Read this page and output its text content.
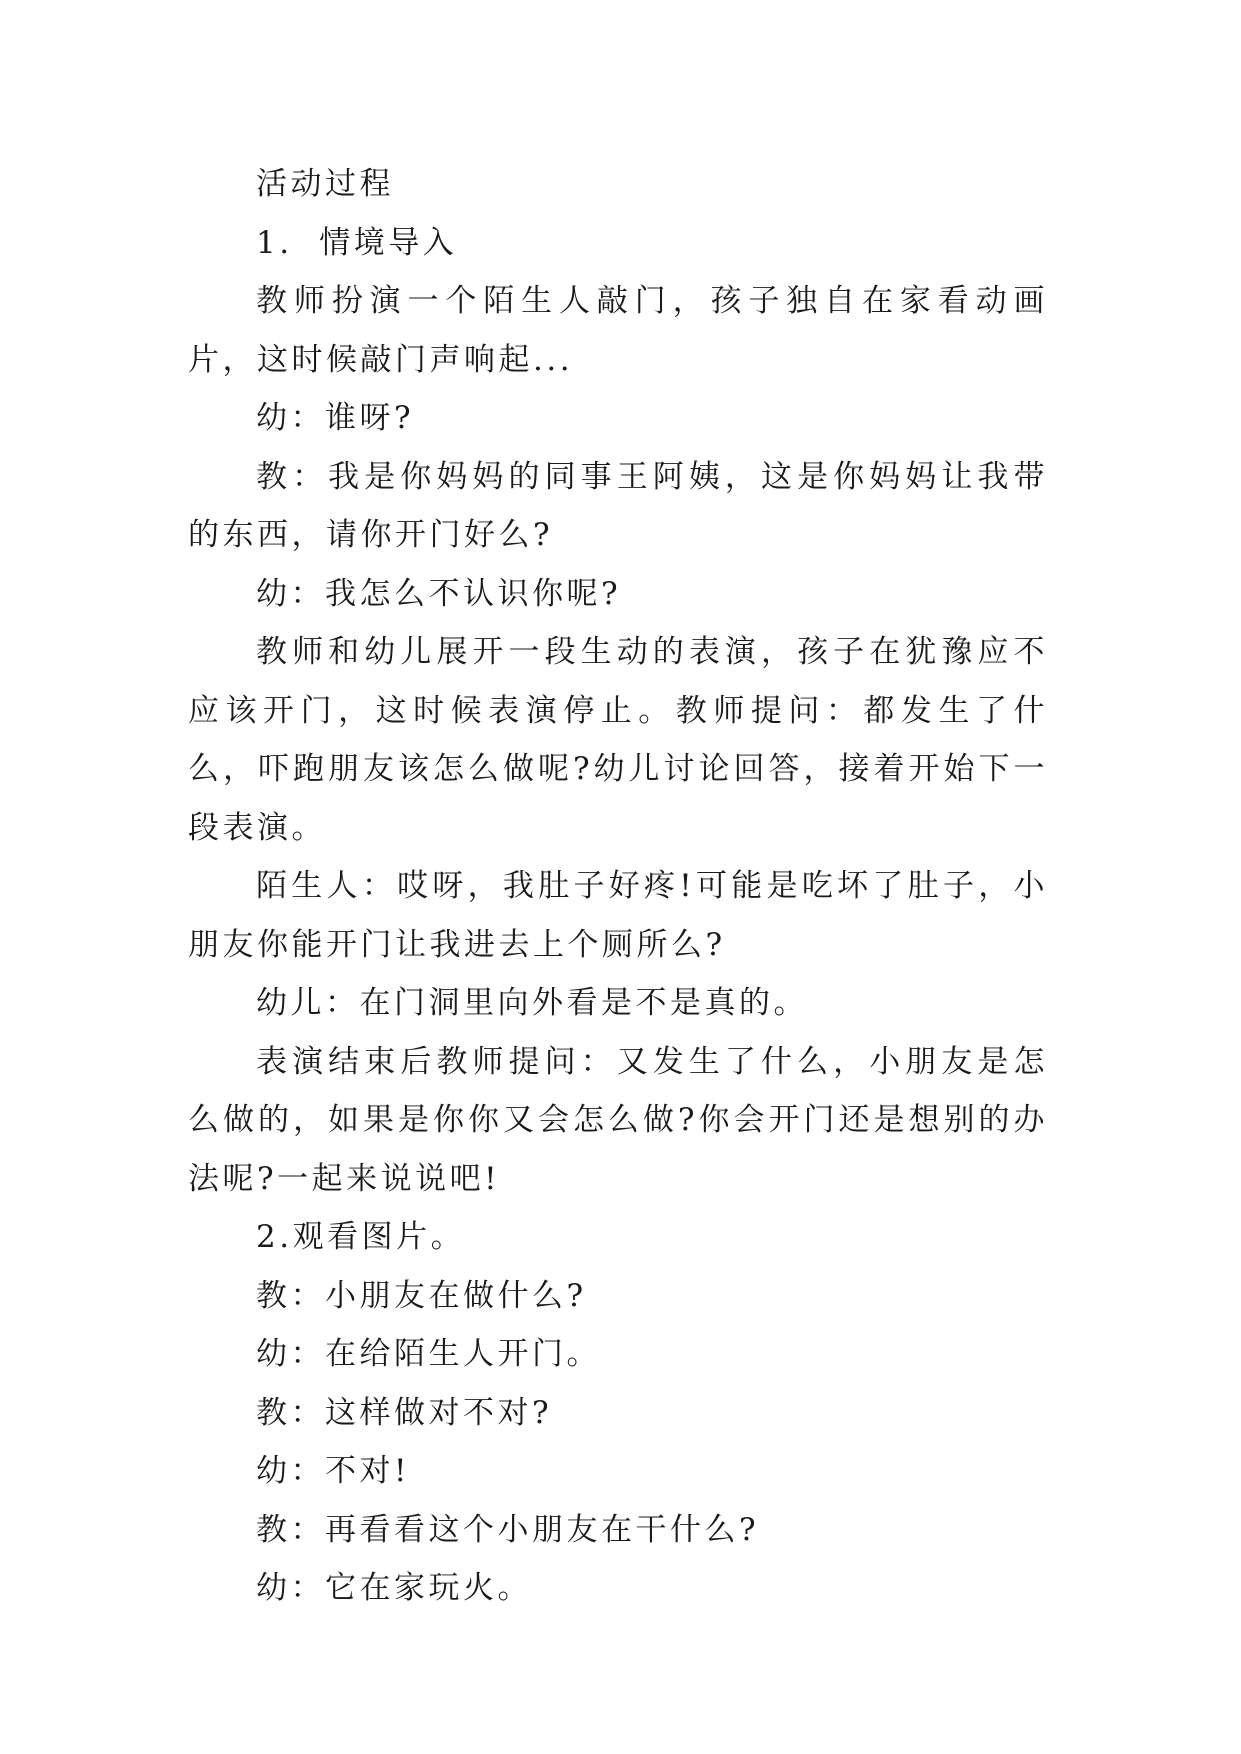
活动过程

1.  情境导入

教师扮演一个陌生人敲门，孩子独自在家看动画片，这时候敲门声响起...

幼：谁呀?

教：我是你妈妈的同事王阿姨，这是你妈妈让我带的东西，请你开门好么?

幼：我怎么不认识你呢?

教师和幼儿展开一段生动的表演，孩子在犹豫应不应该开门，这时候表演停止。教师提问：都发生了什么，吓跑朋友该怎么做呢?幼儿讨论回答，接着开始下一段表演。

陌生人：哎呀，我肚子好疼!可能是吃坏了肚子，小朋友你能开门让我进去上个厕所么?

幼儿：在门洞里向外看是不是真的。

表演结束后教师提问：又发生了什么，小朋友是怎么做的，如果是你你又会怎么做?你会开门还是想别的办法呢?一起来说说吧!

2.观看图片。

教：小朋友在做什么?

幼：在给陌生人开门。

教：这样做对不对?

幼：不对!

教：再看看这个小朋友在干什么?

幼：它在家玩火。
